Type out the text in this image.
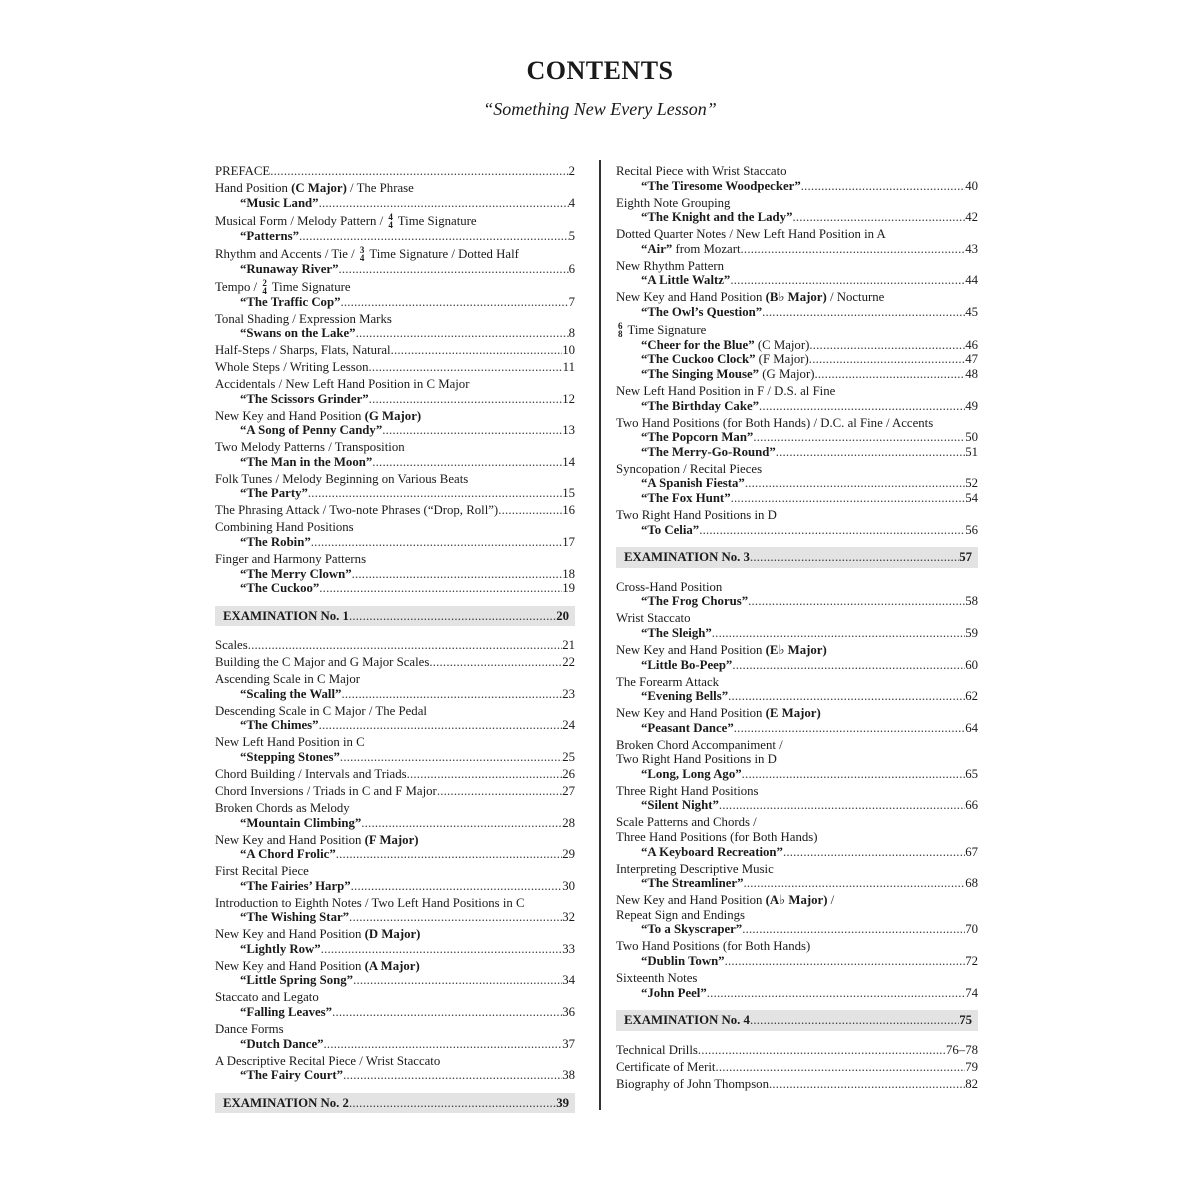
CONTENTS
“Something New Every Lesson”
PREFACE .....	2
Hand Position (C Major) / The Phrase
“Music Land” .....	4
Musical Form / Melody Pattern / 4
4 Time Signature
“Patterns” .....	5
Rhythm and Accents / Tie / 3
4 Time Signature / Dotted Half
“Runaway River” .....	6
Tempo / 2
4 Time Signature
“The Traffic Cop” .....	7
Tonal Shading / Expression Marks
“Swans on the Lake” .....	8
Half-Steps / Sharps, Flats, Natural .....	10
Whole Steps / Writing Lesson .....	11
Accidentals / New Left Hand Position in C Major
“The Scissors Grinder” .....	12
New Key and Hand Position (G Major)
“A Song of Penny Candy” .....	13
Two Melody Patterns / Transposition
“The Man in the Moon” .....	14
Folk Tunes / Melody Beginning on Various Beats
“The Party” .....	15
The Phrasing Attack / Two-note Phrases (“Drop, Roll”) .....	16
Combining Hand Positions
“The Robin” .....	17
Finger and Harmony Patterns
“The Merry Clown” .....	18
“The Cuckoo” .....	19
EXAMINATION No. 1 .....	20
Scales .....	21
Building the C Major and G Major Scales .....	22
Ascending Scale in C Major
“Scaling the Wall” .....	23
Descending Scale in C Major / The Pedal
“The Chimes” .....	24
New Left Hand Position in C
“Stepping Stones” .....	25
Chord Building / Intervals and Triads .....	26
Chord Inversions / Triads in C and F Major .....	27
Broken Chords as Melody
“Mountain Climbing” .....	28
New Key and Hand Position (F Major)
“A Chord Frolic” .....	29
First Recital Piece
“The Fairies’ Harp” .....	30
Introduction to Eighth Notes / Two Left Hand Positions in C
“The Wishing Star” .....	32
New Key and Hand Position (D Major)
“Lightly Row” .....	33
New Key and Hand Position (A Major)
“Little Spring Song” .....	34
Staccato and Legato
“Falling Leaves” .....	36
Dance Forms
“Dutch Dance” .....	37
A Descriptive Recital Piece / Wrist Staccato
“The Fairy Court” .....	38
EXAMINATION No. 2 .....	39
Recital Piece with Wrist Staccato
“The Tiresome Woodpecker” .....	40
Eighth Note Grouping
“The Knight and the Lady” .....	42
Dotted Quarter Notes / New Left Hand Position in A
“Air” from Mozart .....	43
New Rhythm Pattern
“A Little Waltz” .....	44
New Key and Hand Position (B♭ Major) / Nocturne
“The Owl’s Question” .....	45
6
8 Time Signature
“Cheer for the Blue” (C Major) .....	46
“The Cuckoo Clock” (F Major) .....	47
“The Singing Mouse” (G Major) .....	48
New Left Hand Position in F / D.S. al Fine
“The Birthday Cake” .....	49
Two Hand Positions (for Both Hands) / D.C. al Fine / Accents
“The Popcorn Man” .....	50
“The Merry-Go-Round” .....	51
Syncopation / Recital Pieces
“A Spanish Fiesta” .....	52
“The Fox Hunt” .....	54
Two Right Hand Positions in D
“To Celia” .....	56
EXAMINATION No. 3 .....	57
Cross-Hand Position
“The Frog Chorus” .....	58
Wrist Staccato
“The Sleigh” .....	59
New Key and Hand Position (E♭ Major)
“Little Bo-Peep” .....	60
The Forearm Attack
“Evening Bells” .....	62
New Key and Hand Position (E Major)
“Peasant Dance” .....	64
Broken Chord Accompaniment /
Two Right Hand Positions in D
“Long, Long Ago” .....	65
Three Right Hand Positions
“Silent Night” .....	66
Scale Patterns and Chords /
Three Hand Positions (for Both Hands)
“A Keyboard Recreation” .....	67
Interpreting Descriptive Music
“The Streamliner” .....	68
New Key and Hand Position (A♭ Major) /
Repeat Sign and Endings
“To a Skyscraper” .....	70
Two Hand Positions (for Both Hands)
“Dublin Town” .....	72
Sixteenth Notes
“John Peel” .....	74
EXAMINATION No. 4 .....	75
Technical Drills .....	76–78
Certificate of Merit .....	79
Biography of John Thompson .....	82
